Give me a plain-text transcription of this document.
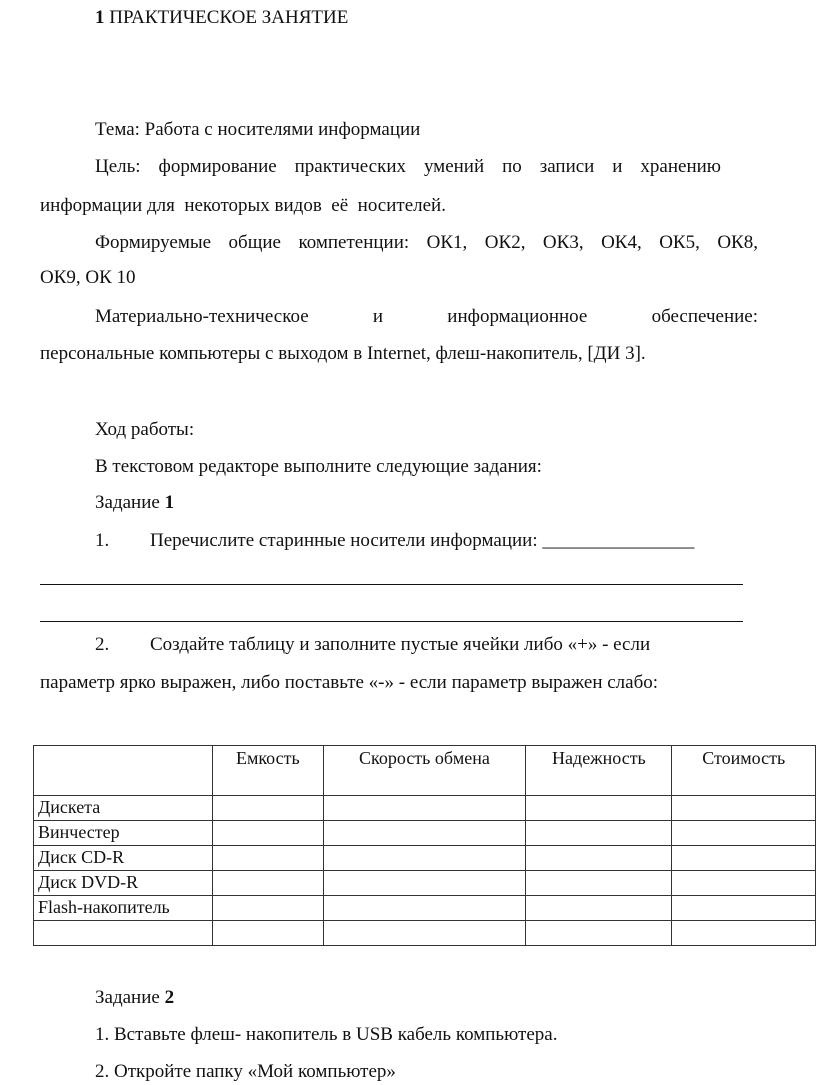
1 ПРАКТИЧЕСКОЕ ЗАНЯТИЕ
Тема: Работа с носителями информации
Цель: формирование практических умений по записи и хранению
информации для  некоторых видов  её  носителей.
Формируемые общие компетенции: ОК1, ОК2, ОК3, ОК4, ОК5, ОК8,
ОК9, ОК 10
Материально-техническое и информационное обеспечение:
персональные компьютеры с выходом в Internet, флеш-накопитель, [ДИ 3].
Ход работы:
В текстовом редакторе выполните следующие задания:
Задание 1
1. Перечислите старинные носители информации: ________________
2. Создайте таблицу и заполните пустые ячейки либо «+» - если
параметр ярко выражен, либо поставьте «-» - если параметр выражен слабо:
	Емкость	Скорость обмена	Надежность	Стоимость
Дискета				
Винчестер				
Диск CD-R				
Диск DVD-R				
Flash-накопитель				

Задание 2
1. Вставьте флеш- накопитель в USB кабель компьютера.
2. Откройте папку «Мой компьютер»
